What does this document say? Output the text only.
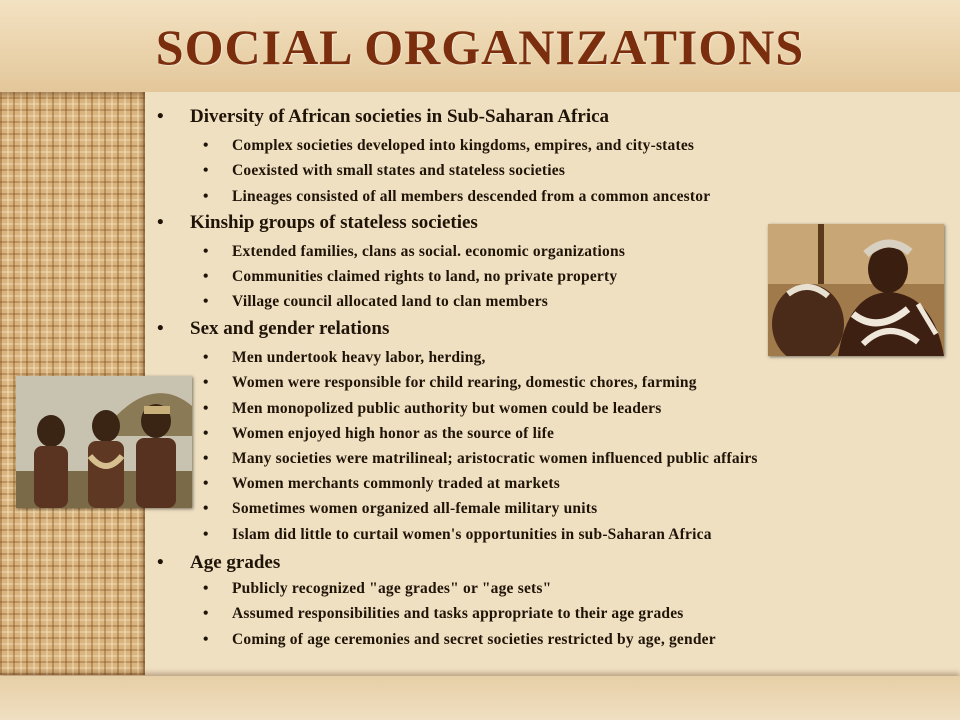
SOCIAL ORGANIZATIONS
• Diversity of African societies in Sub-Saharan Africa
• Complex societies developed into kingdoms, empires, and city-states
• Coexisted with small states and stateless societies
• Lineages consisted of all members descended from a common ancestor
• Kinship groups of stateless societies
• Extended families, clans as social. economic organizations
• Communities claimed rights to land, no private property
• Village council allocated land to clan members
• Sex and gender relations
• Men undertook heavy labor, herding,
• Women were responsible for child rearing, domestic chores, farming
• Men monopolized public authority but women could be leaders
• Women enjoyed high honor as the source of life
• Many societies were matrilineal; aristocratic women influenced public affairs
• Women merchants commonly traded at markets
• Sometimes women organized all-female military units
• Islam did little to curtail women's opportunities in sub-Saharan Africa
• Age grades
• Publicly recognized "age grades" or "age sets"
• Assumed responsibilities and tasks appropriate to their age grades
• Coming of age ceremonies and secret societies restricted by age, gender
